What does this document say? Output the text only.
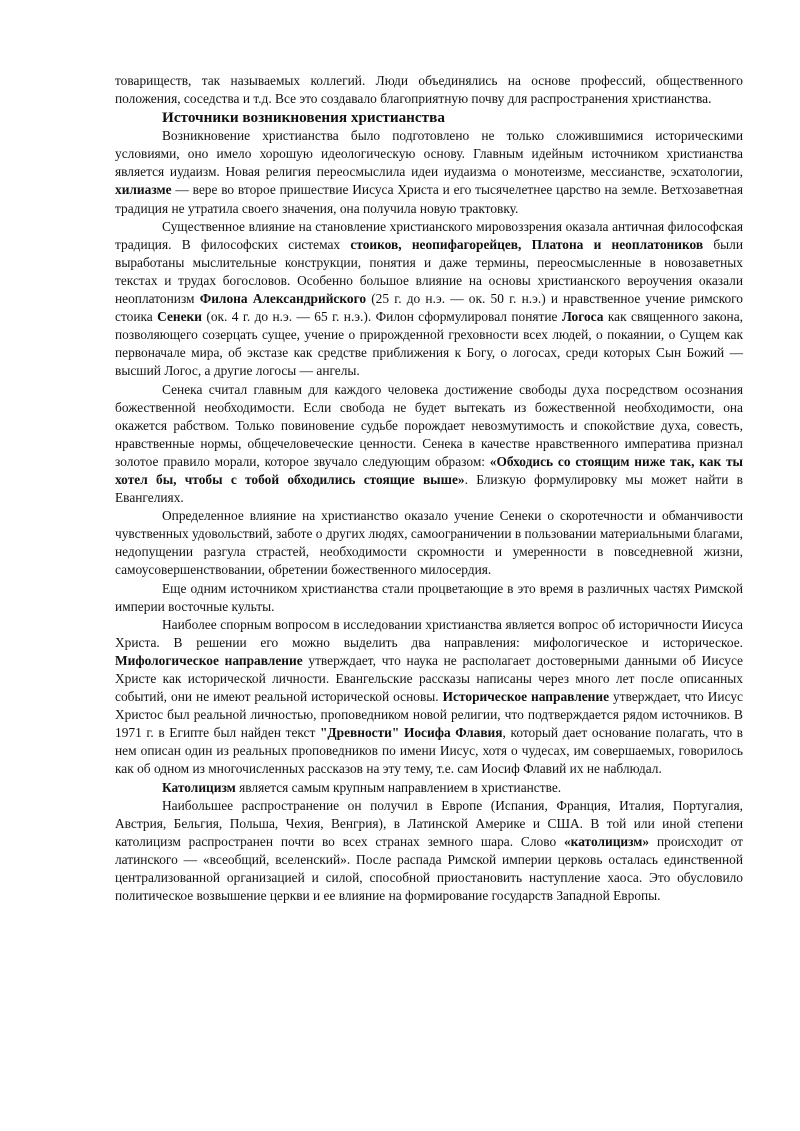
товариществ, так называемых коллегий. Люди объединялись на основе профессий, общественного положения, соседства и т.д. Все это создавало благоприятную почву для распространения христианства.

Источники возникновения христианства

Возникновение христианства было подготовлено не только сложившимися историческими условиями, оно имело хорошую идеологическую основу. Главным идейным источником христианства является иудаизм. Новая религия переосмыслила идеи иудаизма о монотеизме, мессианстве, эсхатологии, хилиазме — вере во второе пришествие Иисуса Христа и его тысячелетнее царство на земле. Ветхозаветная традиция не утратила своего значения, она получила новую трактовку.

Существенное влияние на становление христианского мировоззрения оказала античная философская традиция. В философских системах стоиков, неопифагорейцев, Платона и неоплатоников были выработаны мыслительные конструкции, понятия и даже термины, переосмысленные в новозаветных текстах и трудах богословов. Особенно большое влияние на основы христианского вероучения оказали неоплатонизм Филона Александрийского (25 г. до н.э. — ок. 50 г. н.э.) и нравственное учение римского стоика Сенеки (ок. 4 г. до н.э. — 65 г. н.э.). Филон сформулировал понятие Логоса как священного закона, позволяющего созерцать сущее, учение о прирожденной греховности всех людей, о покаянии, о Сущем как первоначале мира, об экстазе как средстве приближения к Богу, о логосах, среди которых Сын Божий — высший Логос, а другие логосы — ангелы.

Сенека считал главным для каждого человека достижение свободы духа посредством осознания божественной необходимости. Если свобода не будет вытекать из божественной необходимости, она окажется рабством. Только повиновение судьбе порождает невозмутимость и спокойствие духа, совесть, нравственные нормы, общечеловеческие ценности. Сенека в качестве нравственного императива признал золотое правило морали, которое звучало следующим образом: «Обходись со стоящим ниже так, как ты хотел бы, чтобы с тобой обходились стоящие выше». Близкую формулировку мы может найти в Евангелиях.

Определенное влияние на христианство оказало учение Сенеки о скоротечности и обманчивости чувственных удовольствий, заботе о других людях, самоограничении в пользовании материальными благами, недопущении разгула страстей, необходимости скромности и умеренности в повседневной жизни, самоусовершенствовании, обретении божественного милосердия.

Еще одним источником христианства стали процветающие в это время в различных частях Римской империи восточные культы.

Наиболее спорным вопросом в исследовании христианства является вопрос об историчности Иисуса Христа. В решении его можно выделить два направления: мифологическое и историческое. Мифологическое направление утверждает, что наука не располагает достоверными данными об Иисусе Христе как исторической личности. Евангельские рассказы написаны через много лет после описанных событий, они не имеют реальной исторической основы. Историческое направление утверждает, что Иисус Христос был реальной личностью, проповедником новой религии, что подтверждается рядом источников. В 1971 г. в Египте был найден текст "Древности" Иосифа Флавия, который дает основание полагать, что в нем описан один из реальных проповедников по имени Иисус, хотя о чудесах, им совершаемых, говорилось как об одном из многочисленных рассказов на эту тему, т.е. сам Иосиф Флавий их не наблюдал.

Католицизм является самым крупным направлением в христианстве.

Наибольшее распространение он получил в Европе (Испания, Франция, Италия, Португалия, Австрия, Бельгия, Польша, Чехия, Венгрия), в Латинской Америке и США. В той или иной степени католицизм распространен почти во всех странах земного шара. Слово «католицизм» происходит от латинского — «всеобщий, вселенский». После распада Римской империи церковь осталась единственной централизованной организацией и силой, способной приостановить наступление хаоса. Это обусловило политическое возвышение церкви и ее влияние на формирование государств Западной Европы.
